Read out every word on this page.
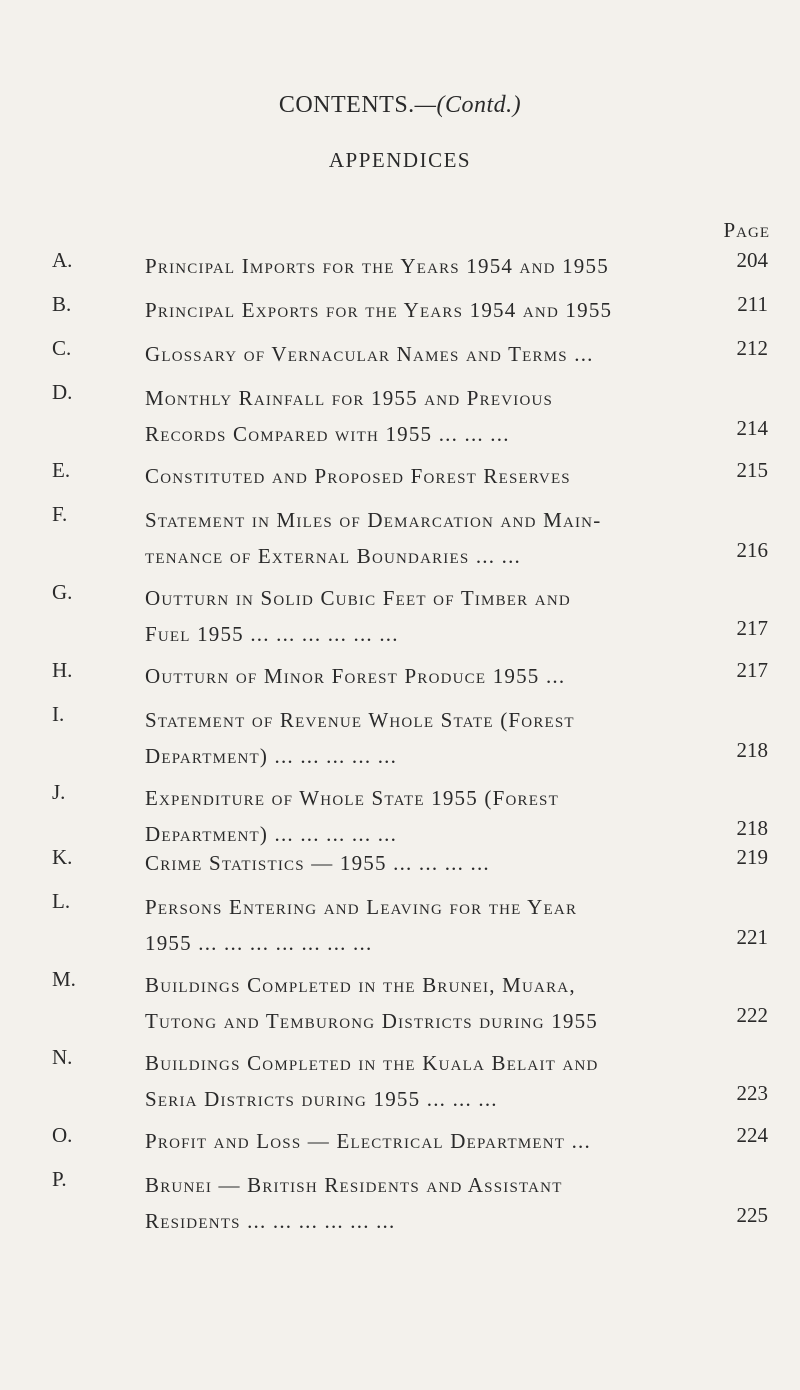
CONTENTS.—(Contd.)
APPENDICES
Page
A.	Principal Imports for the Years 1954 and 1955	204
B.	Principal Exports for the Years 1954 and 1955	211
C.	Glossary of Vernacular Names and Terms ...	212
D.	Monthly Rainfall for 1955 and Previous
Records Compared with 1955 ... ... ...	214
E.	Constituted and Proposed Forest Reserves	215
F.	Statement in Miles of Demarcation and Main-
tenance of External Boundaries ... ...	216
G.	Outturn in Solid Cubic Feet of Timber and
Fuel 1955 ... ... ... ... ... ...	217
H.	Outturn of Minor Forest Produce 1955 ...	217
I.	Statement of Revenue Whole State (Forest
Department) ... ... ... ... ...	218
J.	Expenditure of Whole State 1955 (Forest
Department) ... ... ... ... ...	218
K.	Crime Statistics — 1955 ... ... ... ...	219
L.	Persons Entering and Leaving for the Year
1955 ... ... ... ... ... ... ...	221
M.	Buildings Completed in the Brunei, Muara,
Tutong and Temburong Districts during 1955	222
N.	Buildings Completed in the Kuala Belait and
Seria Districts during 1955 ... ... ...	223
O.	Profit and Loss — Electrical Department ...	224
P.	Brunei — British Residents and Assistant
Residents ... ... ... ... ... ...	225
